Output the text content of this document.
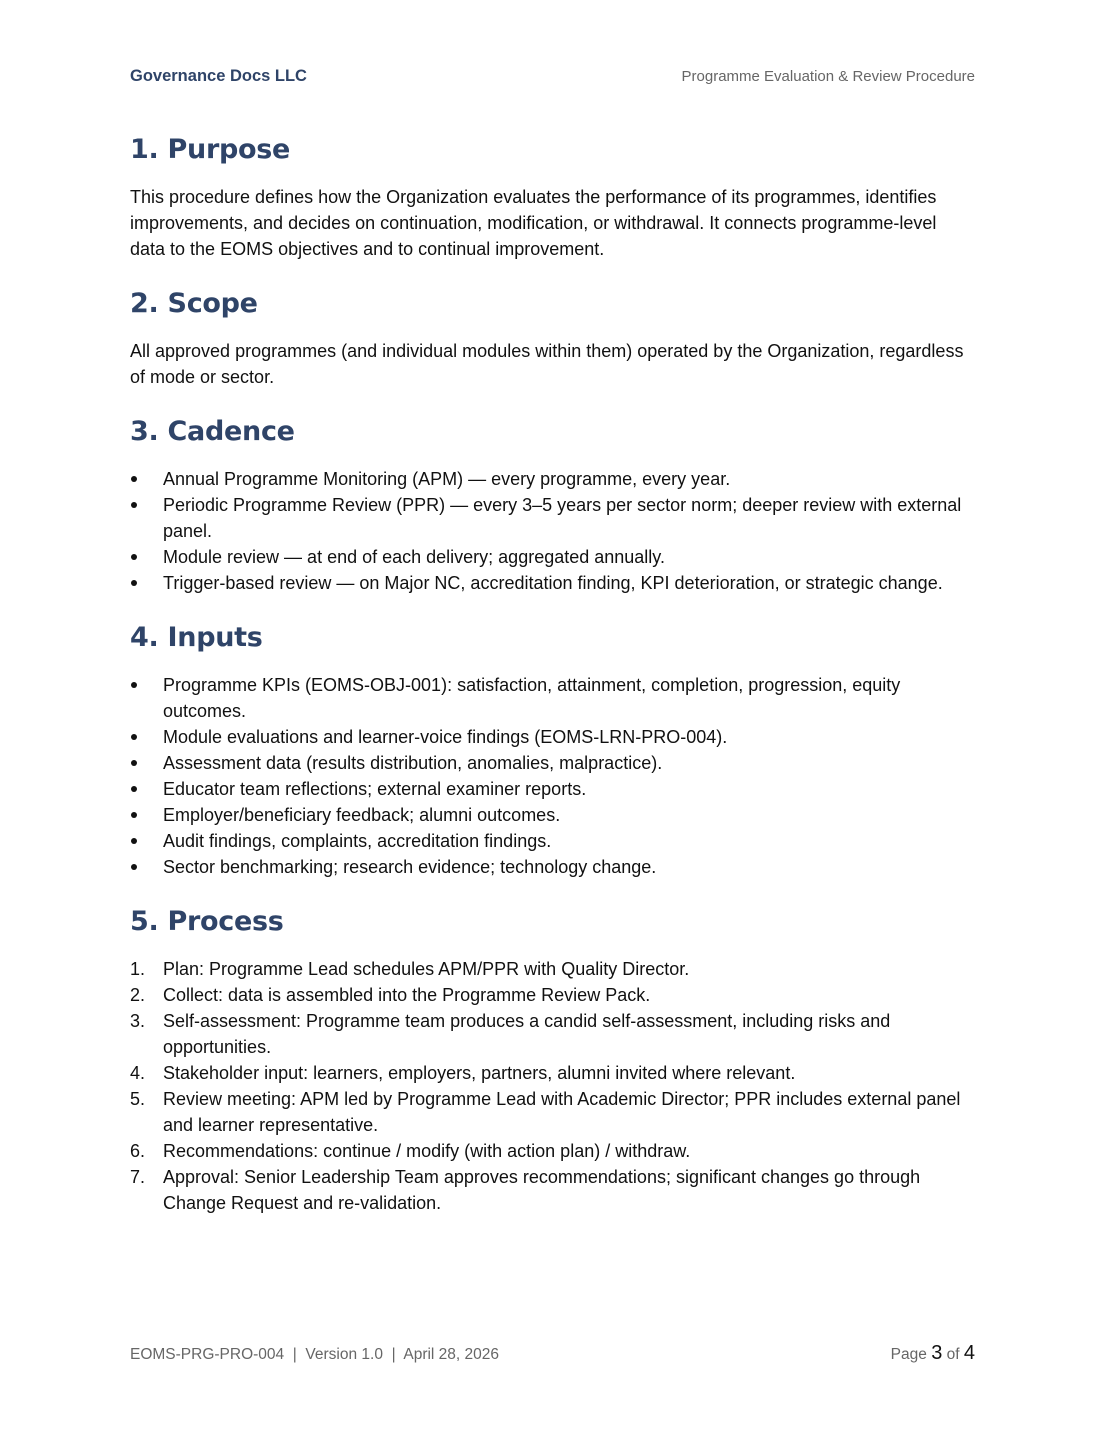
Governance Docs LLC	Programme Evaluation & Review Procedure
1. Purpose

This procedure defines how the Organization evaluates the performance of its programmes, identifies improvements, and decides on continuation, modification, or withdrawal. It connects programme-level data to the EOMS objectives and to continual improvement.

2. Scope

All approved programmes (and individual modules within them) operated by the Organization, regardless of mode or sector.

3. Cadence
Annual Programme Monitoring (APM) — every programme, every year.
Periodic Programme Review (PPR) — every 3–5 years per sector norm; deeper review with external panel.
Module review — at end of each delivery; aggregated annually.
Trigger-based review — on Major NC, accreditation finding, KPI deterioration, or strategic change.
4. Inputs
Programme KPIs (EOMS-OBJ-001): satisfaction, attainment, completion, progression, equity outcomes.
Module evaluations and learner-voice findings (EOMS-LRN-PRO-004).
Assessment data (results distribution, anomalies, malpractice).
Educator team reflections; external examiner reports.
Employer/beneficiary feedback; alumni outcomes.
Audit findings, complaints, accreditation findings.
Sector benchmarking; research evidence; technology change.
5. Process
1. Plan: Programme Lead schedules APM/PPR with Quality Director.
2. Collect: data is assembled into the Programme Review Pack.
3. Self-assessment: Programme team produces a candid self-assessment, including risks and opportunities.
4. Stakeholder input: learners, employers, partners, alumni invited where relevant.
5. Review meeting: APM led by Programme Lead with Academic Director; PPR includes external panel and learner representative.
6. Recommendations: continue / modify (with action plan) / withdraw.
7. Approval: Senior Leadership Team approves recommendations; significant changes go through Change Request and re-validation.
EOMS-PRG-PRO-004  |  Version 1.0  |  April 28, 2026	Page 3 of 4
